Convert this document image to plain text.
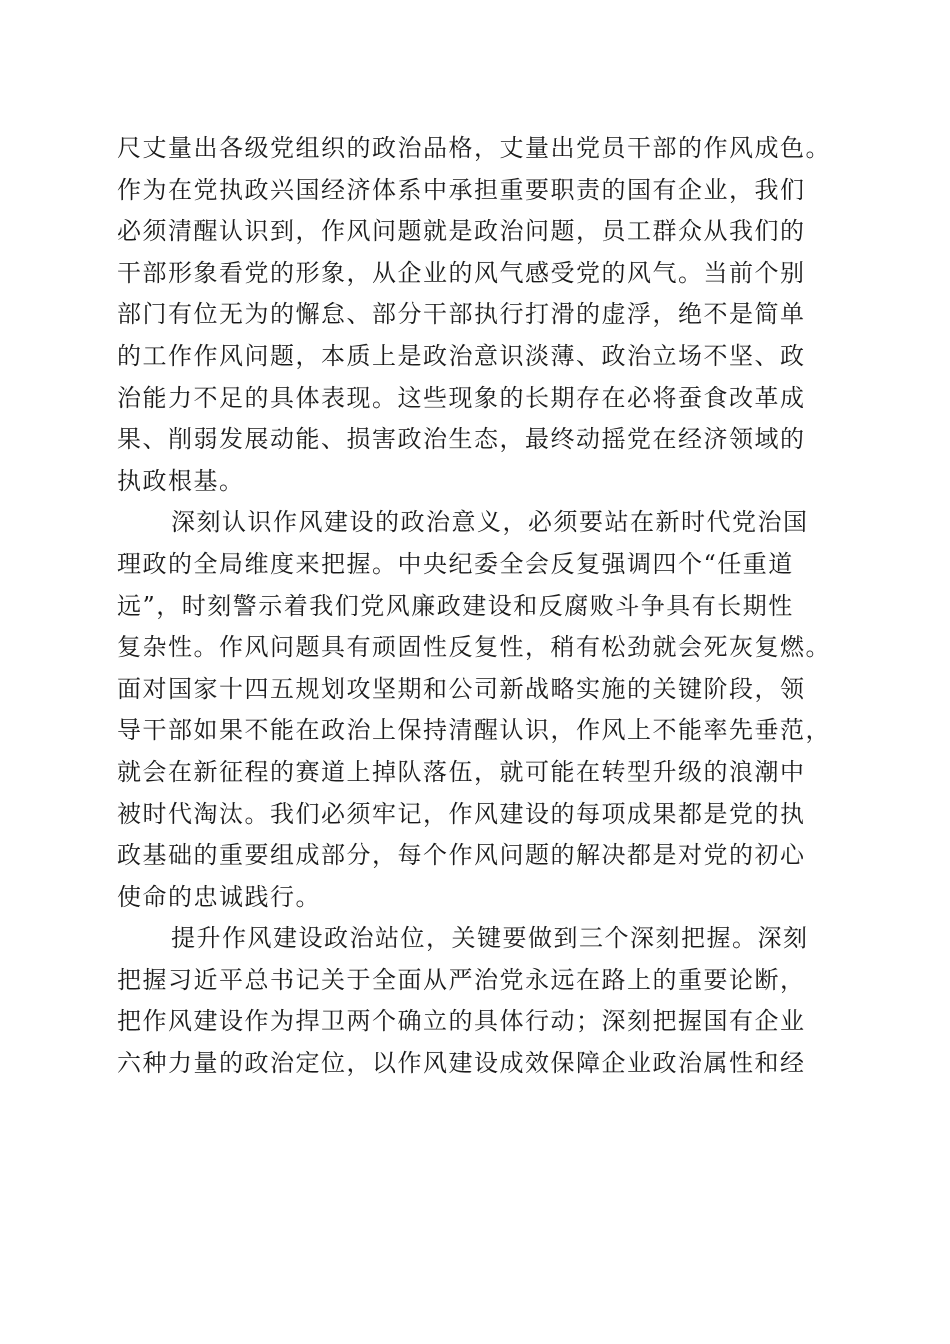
尺丈量出各级党组织的政治品格，丈量出党员干部的作风成色。
作为在党执政兴国经济体系中承担重要职责的国有企业，我们
必须清醒认识到，作风问题就是政治问题，员工群众从我们的
干部形象看党的形象，从企业的风气感受党的风气。当前个别
部门有位无为的懈怠、部分干部执行打滑的虚浮，绝不是简单
的工作作风问题，本质上是政治意识淡薄、政治立场不坚、政
治能力不足的具体表现。这些现象的长期存在必将蚕食改革成
果、削弱发展动能、损害政治生态，最终动摇党在经济领域的
执政根基。
深刻认识作风建设的政治意义，必须要站在新时代党治国
理政的全局维度来把握。中央纪委全会反复强调四个“任重道
远”，时刻警示着我们党风廉政建设和反腐败斗争具有长期性
复杂性。作风问题具有顽固性反复性，稍有松劲就会死灰复燃。
面对国家十四五规划攻坚期和公司新战略实施的关键阶段，领
导干部如果不能在政治上保持清醒认识，作风上不能率先垂范，
就会在新征程的赛道上掉队落伍，就可能在转型升级的浪潮中
被时代淘汰。我们必须牢记，作风建设的每项成果都是党的执
政基础的重要组成部分，每个作风问题的解决都是对党的初心
使命的忠诚践行。
提升作风建设政治站位，关键要做到三个深刻把握。深刻
把握习近平总书记关于全面从严治党永远在路上的重要论断，
把作风建设作为捍卫两个确立的具体行动；深刻把握国有企业
六种力量的政治定位，以作风建设成效保障企业政治属性和经
